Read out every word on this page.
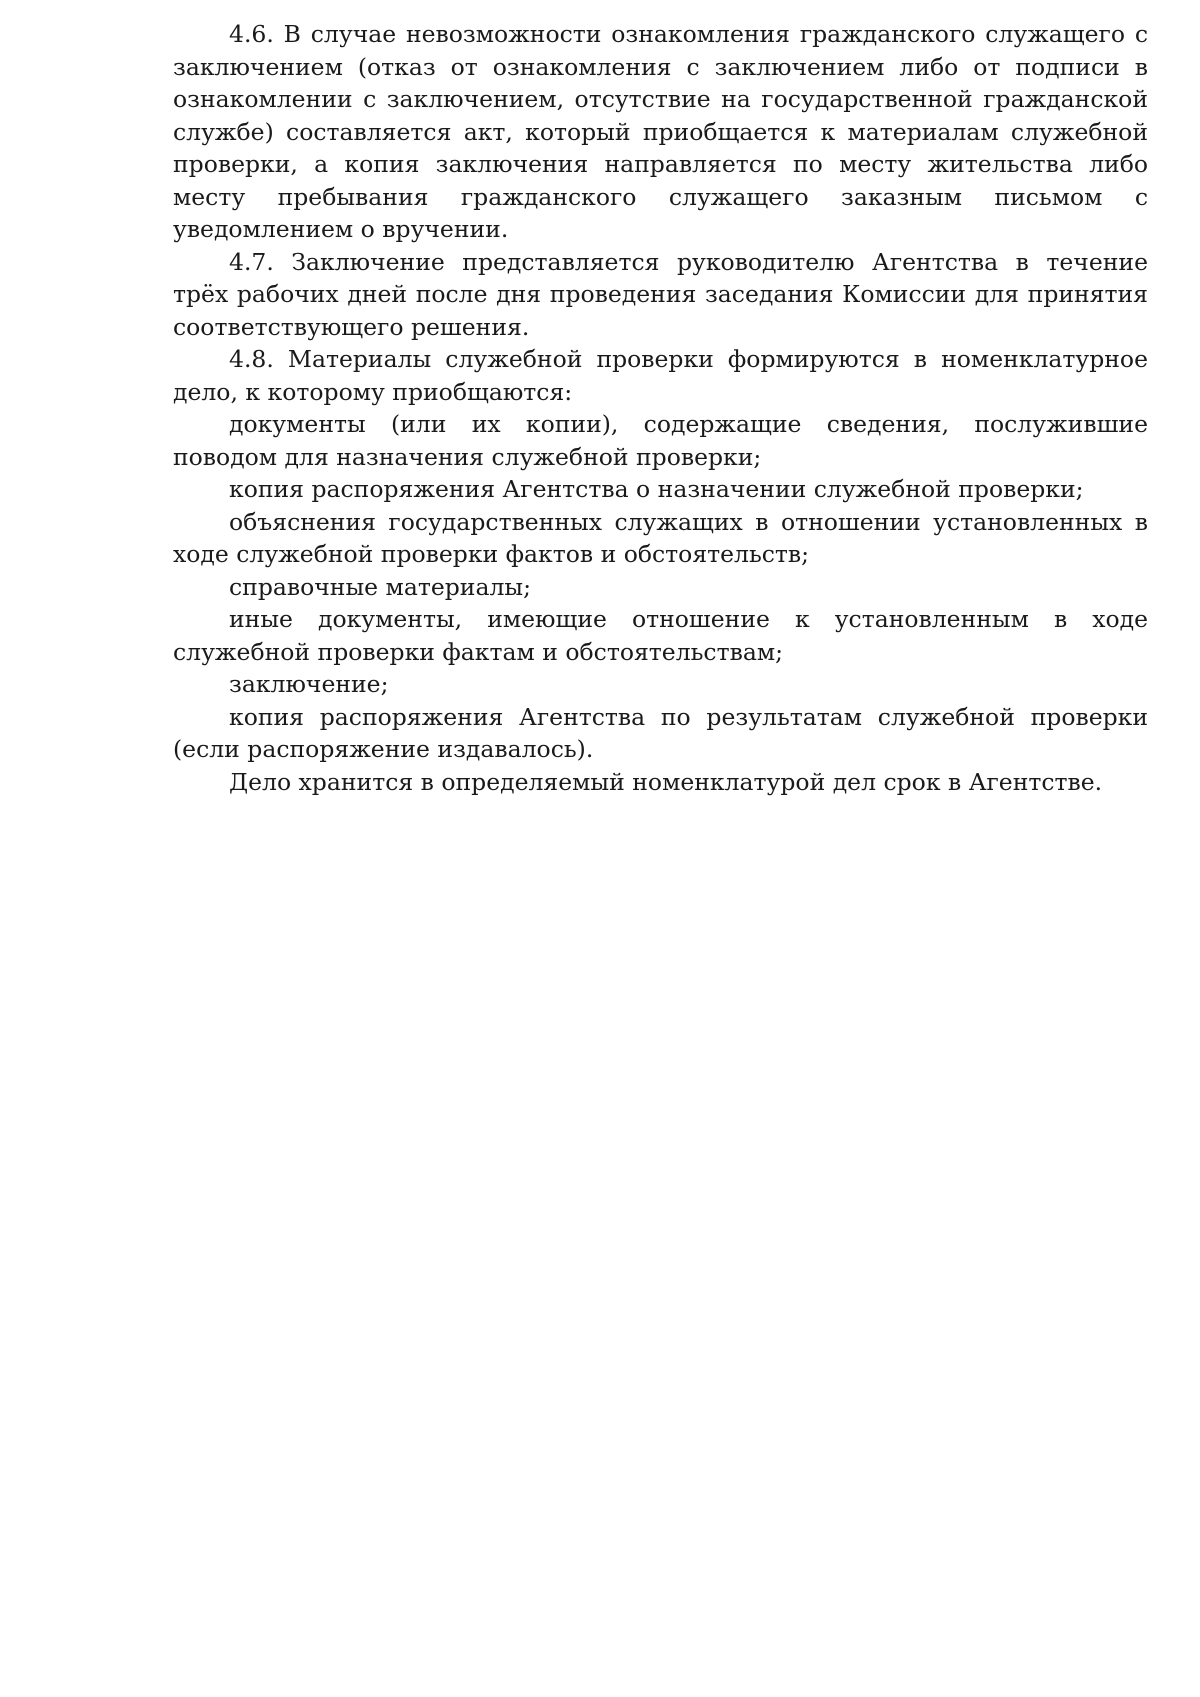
4.6. В случае невозможности ознакомления гражданского служащего с заключением (отказ от ознакомления с заключением либо от подписи в ознакомлении с заключением, отсутствие на государственной гражданской службе) составляется акт, который приобщается к материалам служебной проверки, а копия заключения направляется по месту жительства либо месту пребывания гражданского служащего заказным письмом с уведомлением о вручении.

4.7. Заключение представляется руководителю Агентства в течение трёх рабочих дней после дня проведения заседания Комиссии для принятия соответствующего решения.

4.8. Материалы служебной проверки формируются в номенклатурное дело, к которому приобщаются:

документы (или их копии), содержащие сведения, послужившие поводом для назначения служебной проверки;

копия распоряжения Агентства о назначении служебной проверки;

объяснения государственных служащих в отношении установленных в ходе служебной проверки фактов и обстоятельств;

справочные материалы;

иные документы, имеющие отношение к установленным в ходе служебной проверки фактам и обстоятельствам;

заключение;

копия распоряжения Агентства по результатам служебной проверки (если распоряжение издавалось).

Дело хранится в определяемый номенклатурой дел срок в Агентстве.
